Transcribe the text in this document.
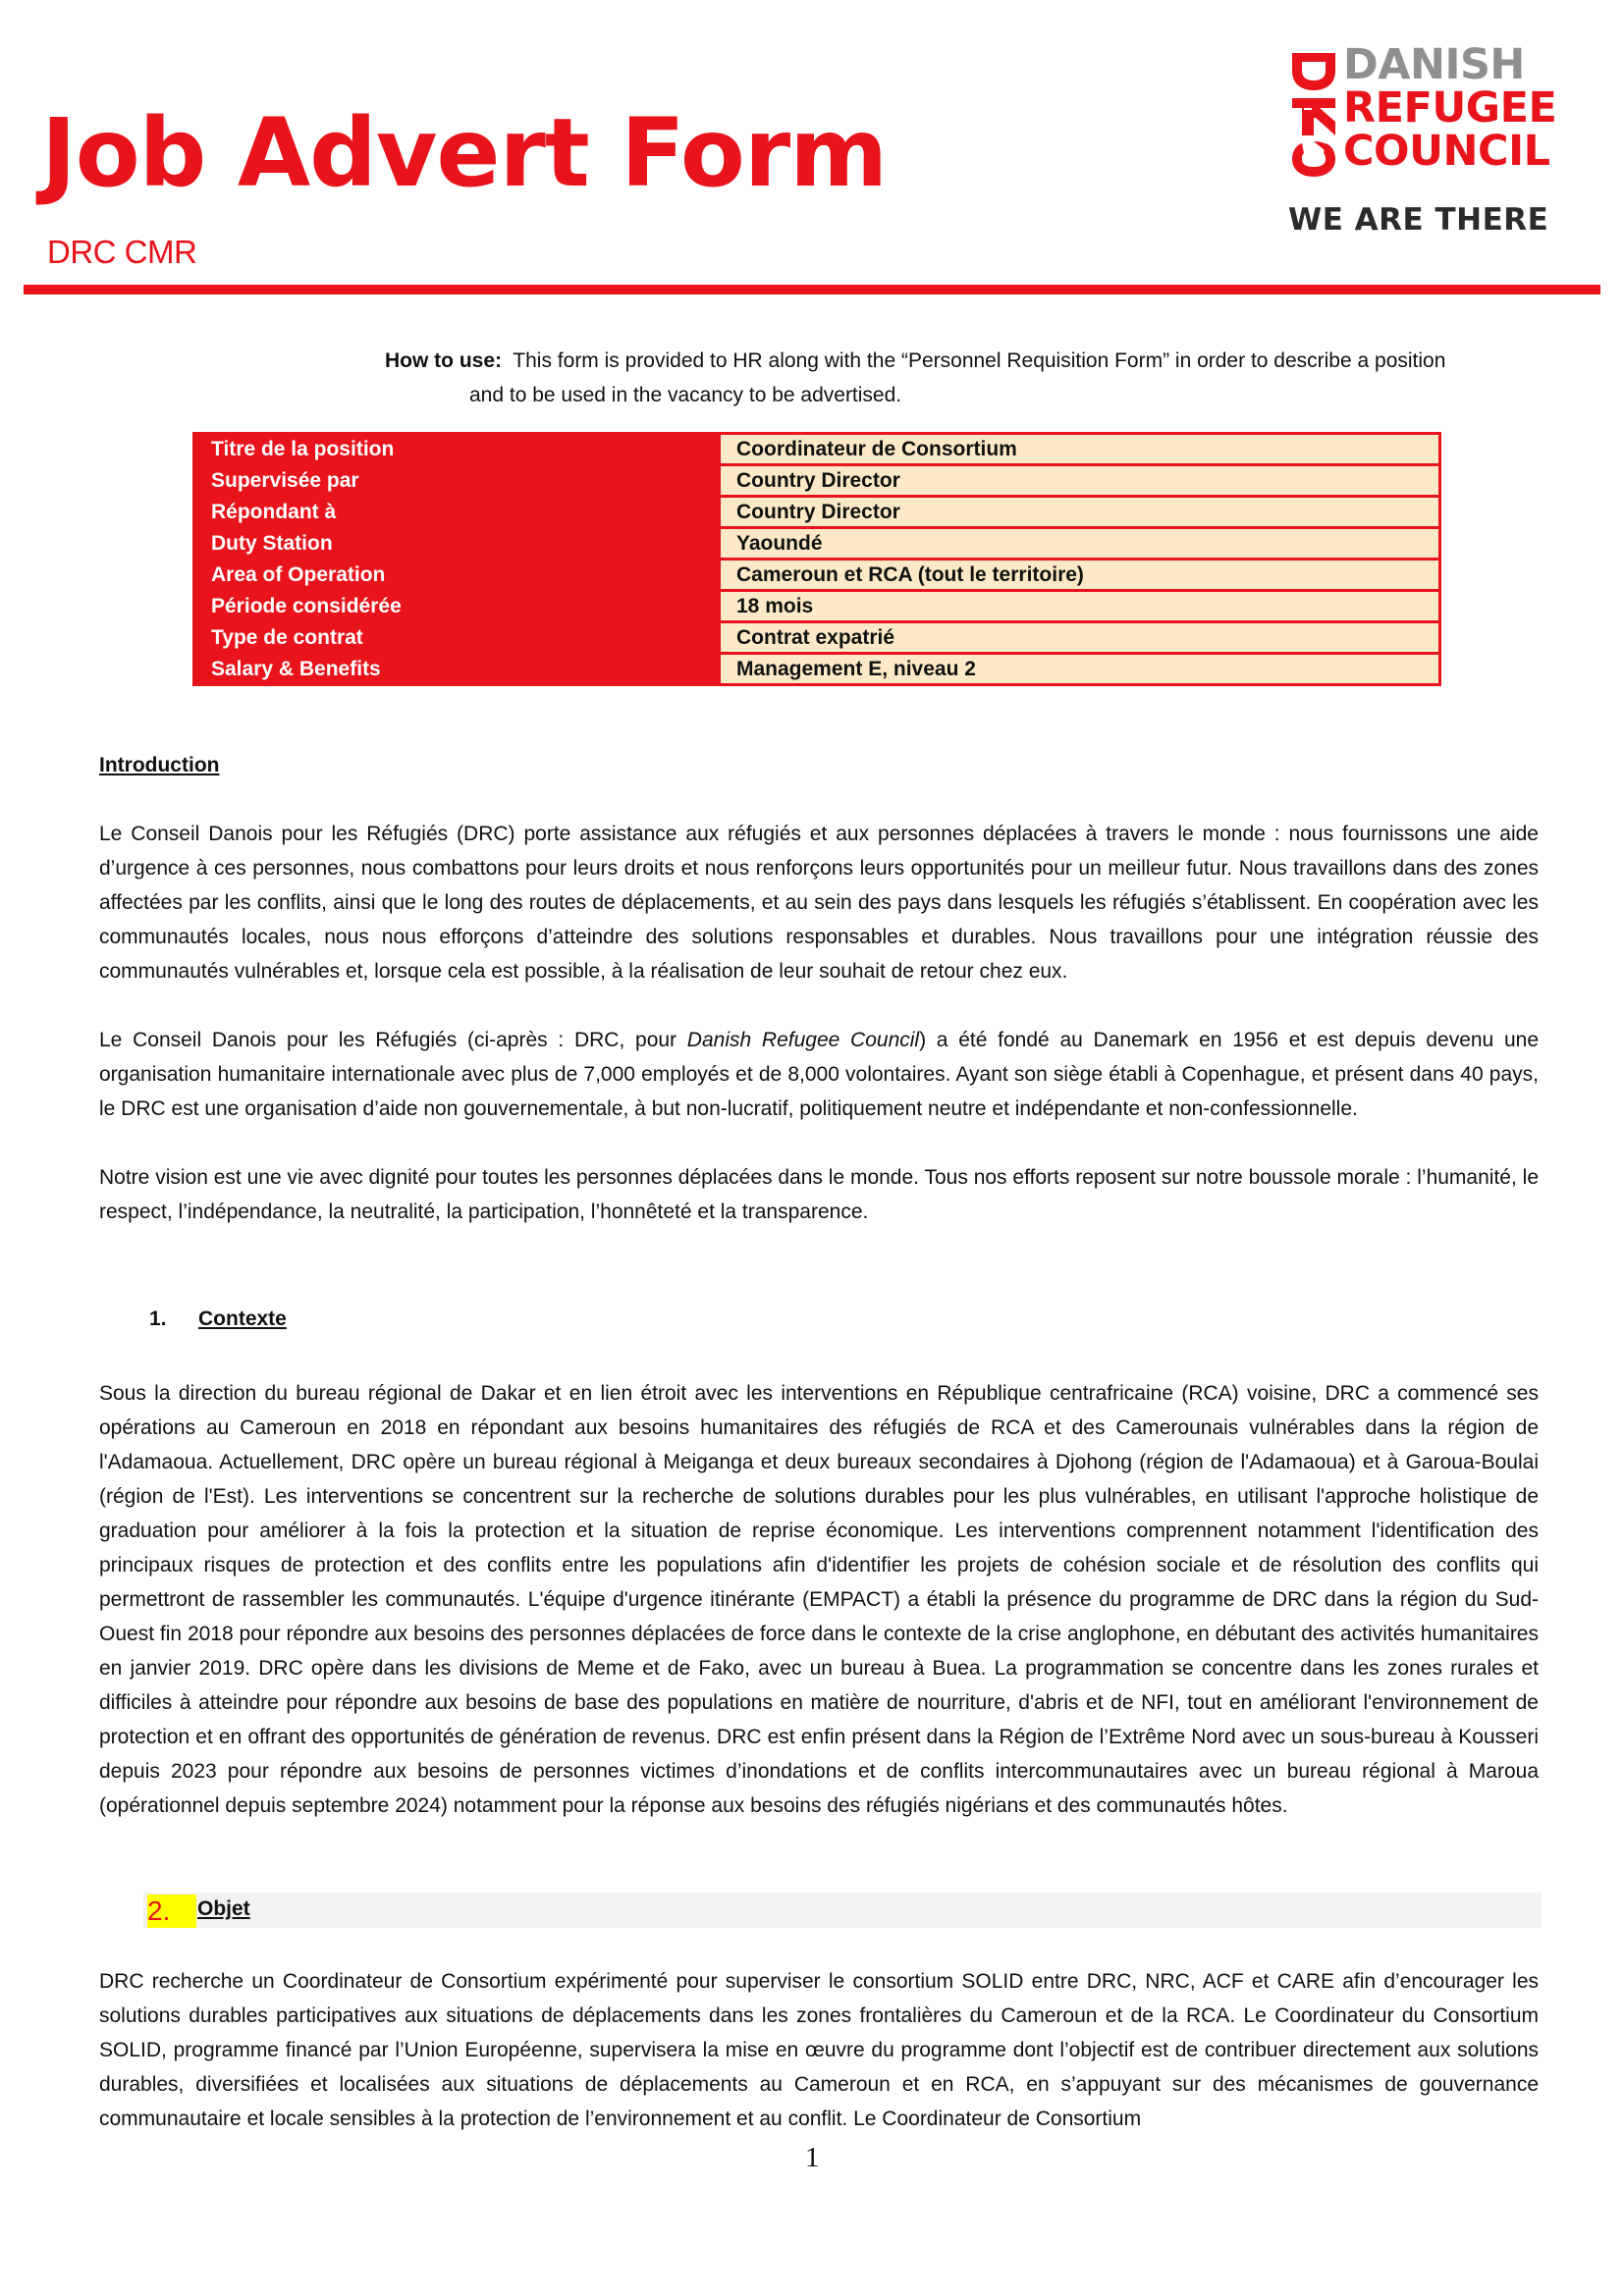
Job Advert Form
DRC CMR
DANISH
REFUGEE
COUNCIL
WE ARE THERE
How to use: This form is provided to HR along with the “Personnel Requisition Form” in order to describe a position
and to be used in the vacancy to be advertised.
Titre de la position	Coordinateur de Consortium
Supervisée par	Country Director
Répondant à	Country Director
Duty Station	Yaoundé
Area of Operation	Cameroun et RCA (tout le territoire)
Période considérée	18 mois
Type de contrat	Contrat expatrié
Salary & Benefits	Management E, niveau 2

Introduction

Le Conseil Danois pour les Réfugiés (DRC) porte assistance aux réfugiés et aux personnes déplacées à travers le monde : nous fournissons une aide d’urgence à ces personnes, nous combattons pour leurs droits et nous renforçons leurs opportunités pour un meilleur futur. Nous travaillons dans des zones affectées par les conflits, ainsi que le long des routes de déplacements, et au sein des pays dans lesquels les réfugiés s’établissent. En coopération avec les communautés locales, nous nous efforçons d’atteindre des solutions responsables et durables. Nous travaillons pour une intégration réussie des communautés vulnérables et, lorsque cela est possible, à la réalisation de leur souhait de retour chez eux.

Le Conseil Danois pour les Réfugiés (ci-après : DRC, pour Danish Refugee Council) a été fondé au Danemark en 1956 et est depuis devenu une organisation humanitaire internationale avec plus de 7,000 employés et de 8,000 volontaires. Ayant son siège établi à Copenhague, et présent dans 40 pays, le DRC est une organisation d’aide non gouvernementale, à but non-lucratif, politiquement neutre et indépendante et non-confessionnelle.

Notre vision est une vie avec dignité pour toutes les personnes déplacées dans le monde. Tous nos efforts reposent sur notre boussole morale : l’humanité, le respect, l’indépendance, la neutralité, la participation, l’honnêteté et la transparence.

1. Contexte

Sous la direction du bureau régional de Dakar et en lien étroit avec les interventions en République centrafricaine (RCA) voisine, DRC a commencé ses opérations au Cameroun en 2018 en répondant aux besoins humanitaires des réfugiés de RCA et des Camerounais vulnérables dans la région de l'Adamaoua. Actuellement, DRC opère un bureau régional à Meiganga et deux bureaux secondaires à Djohong (région de l'Adamaoua) et à Garoua-Boulai (région de l'Est). Les interventions se concentrent sur la recherche de solutions durables pour les plus vulnérables, en utilisant l'approche holistique de graduation pour améliorer à la fois la protection et la situation de reprise économique. Les interventions comprennent notamment l'identification des principaux risques de protection et des conflits entre les populations afin d'identifier les projets de cohésion sociale et de résolution des conflits qui permettront de rassembler les communautés. L'équipe d'urgence itinérante (EMPACT) a établi la présence du programme de DRC dans la région du Sud-Ouest fin 2018 pour répondre aux besoins des personnes déplacées de force dans le contexte de la crise anglophone, en débutant des activités humanitaires en janvier 2019. DRC opère dans les divisions de Meme et de Fako, avec un bureau à Buea. La programmation se concentre dans les zones rurales et difficiles à atteindre pour répondre aux besoins de base des populations en matière de nourriture, d'abris et de NFI, tout en améliorant l'environnement de protection et en offrant des opportunités de génération de revenus. DRC est enfin présent dans la Région de l’Extrême Nord avec un sous-bureau à Kousseri depuis 2023 pour répondre aux besoins de personnes victimes d’inondations et de conflits intercommunautaires avec un bureau régional à Maroua (opérationnel depuis septembre 2024) notamment pour la réponse aux besoins des réfugiés nigérians et des communautés hôtes.

2.	Objet

DRC recherche un Coordinateur de Consortium expérimenté pour superviser le consortium SOLID entre DRC, NRC, ACF et CARE afin d’encourager les solutions durables participatives aux situations de déplacements dans les zones frontalières du Cameroun et de la RCA. Le Coordinateur du Consortium SOLID, programme financé par l’Union Européenne, supervisera la mise en œuvre du programme dont l’objectif est de contribuer directement aux solutions durables, diversifiées et localisées aux situations de déplacements au Cameroun et en RCA, en s’appuyant sur des mécanismes de gouvernance communautaire et locale sensibles à la protection de l’environnement et au conflit. Le Coordinateur de Consortium

1
